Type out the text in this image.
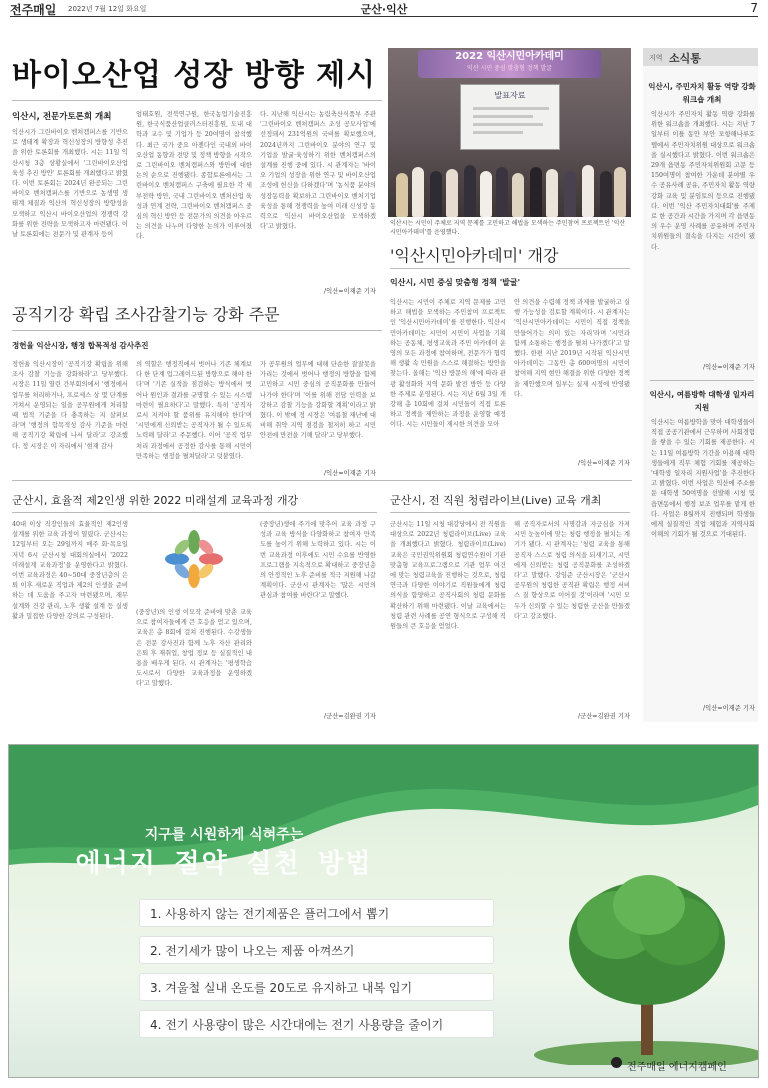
전주매일 2022년 7월 12일 화요일	군산·익산	7
바이오산업 성장 방향 제시
익산시, 전문가토론회 개최
익산시가 그린바이오 벤처캠퍼스를 기반으로 생태계 확장과 혁신성장의 방향성 추진을 위한 토론회를 개최했다. 시는 11일 익산시청 3층 상황실에서 '그린바이오산업 육성 추진 방안' 토론회를 개최했다고 밝혔다. 이번 토론회는 2024년 완공되는 그린바이오 벤처캠퍼스를 기반으로 농생명 생태계 체질과 익산의 혁신성장의 방향성을 모색하고 익산시 바이오산업의 경쟁력 강화를 위한 전략을 모색하고자 마련됐다. 이날 토론회에는 전문가 및 관계자 등이
엄태호원, 전북연구원, 한국농업기술진흥원, 한국식품산업클러스터진흥원, 도내 대학과 교수 및 기업가 등 20여명이 참석했다. 최근 국가 중요 아젠다인 국내외 바이오산업 동향과 전망 및 정책 방향을 시작으로 그린바이오 벤처캠퍼스와 방안에 대한 논의 순으로 진행됐다. 종합토론에서는 그린바이오 벤처캠퍼스 구축에 필요한 각 세부전략 방안, 국내 그린바이오 벤처산업 육성과 연계 전략, 그린바이오 벤처캠퍼스 중심의 혁신 방안 등 전문가의 의견을 아우르는 의견을 나누며 다양한 논의가 이루어졌다.
다. 지난해 익산시는 농림축산식품부 주관 '그린바이오 벤처캠퍼스 조성 공모사업'에 선정돼서 231억원의 국비를 확보했으며, 2024년까지 그린바이오 분야의 연구 및 기업을 발굴·육성하기 위한 벤처캠퍼스의 설계를 진행 중에 있다. 시 관계자는 '바이오 기업의 성장을 위한 연구 및 바이오산업 조성에 헌신을 다하겠다'며 '농식품 분야의 성장동력을 확보하고 그린바이오 벤처기업 육성을 통해 경쟁력을 높여 미래 신성장 동력으로 익산시 바이오산업을 모색하겠다'고 밝혔다.
/익산=이재준 기자
공직기강 확립 조사감찰기능 강화 주문
정헌율 익산시장, 행정 합목적성 감사추진
정헌율 익산시장이 '공직기강 확립을 위해 조사 감찰 기능을 강화하라'고 당부했다. 시장은 11일 열린 간부회의에서 '행정에서 업무를 처리하거나, 프로세스 상 몇 단계를 거쳐서 운영되는 일을 공무원에게 처리할 때 법적 기준을 다 충족하는 지 살펴보라'며 '행정의 합목적성 감사 기준을 마련해 공직기강 확립에 나서 달라'고 강조했다. 정 시장은 이 자리에서 '현재 감사
의 역할은 행정직에서 벗어나 기존 체계보다 한 단계 업그레이드된 방향으로 해야 한다'며 '기존 실적을 점검하는 방식에서 벗어나 원인과 결과를 규명할 수 있는 시스템 마련이 필요하다'고 말했다. 특히 '공직자로서 지켜야 할 품위를 유지해야 한다'며 '시민에게 신뢰받는 공직자가 될 수 있도록 노력해 달라'고 주문했다. 이어 '공직 업무 처리 과정에서 공정한 감사를 통해 시민이 만족하는 행정을 펼쳐달라'고 덧붙였다.
가 공무원의 업무에 대해 단순한 잘잘못을 가리는 것에서 벗어나 행정의 방향을 함께 고민하고 시민 중심의 공직문화를 만들어 나가야 한다'며 '이를 위해 전담 인력을 보강하고 감찰 기능을 강화할 계획'이라고 밝혔다. 이 밖에 정 시장은 '여름철 재난에 대비해 취약 지역 점검을 철저히 하고 시민 안전에 만전을 기해 달라'고 당부했다.
/익산=이재준 기자
2022 익산시민아카데미
익산 시민 중심 맞춤형 정책 발굴
발표자료
익산시는 시민이 주체로 지역 문제를 고민하고 해법을 모색하는 주민참여 프로젝트인 '익산시민아카데미'를 운영했다.
'익산시민아카데미' 개강
익산시, 시민 중심 맞춤형 정책 '발굴'
익산시는 시민이 주체로 지역 문제를 고민하고 해법을 모색하는 주민참여 프로젝트인 '익산시민아카데미'를 진행한다. 익산시민아카데미는 시민이 시민이 사업을 기획하는 공동체, 평생교육과 주민 아카데미 운영의 모든 과정에 참여하며, 전문가가 협력해 생활 속 민원을 스스로 해결하는 방안을 찾는다. 올해는 '익산 방문의 해'에 따라 관광 활성화와 지역 문화 발전 방안 등 다양한 주제로 운영된다. 시는 지난 6월 3일 개강해 총 10회에 걸쳐 시민들이 직접 토론하고 정책을 제안하는 과정을 운영할 예정이다. 시는 시민들이 제시한 의견을 모아
안 의견을 수렴해 정책 과제를 발굴하고 실행 가능성을 검토할 계획이다. 시 관계자는 '익산시민아카데미는 시민이 직접 정책을 만들어가는 의미 있는 자리'라며 '시민과 함께 소통하는 행정을 펼쳐 나가겠다'고 말했다. 한편 지난 2019년 시작된 익산시민아카데미는 그동안 총 600여명의 시민이 참여해 지역 현안 해결을 위한 다양한 정책을 제안했으며 일부는 실제 시정에 반영됐다.
/익산=이재준 기자
군산시, 효율적 제2인생 위한 2022 미래설계 교육과정 개강
40대 이상 직장인들의 효율적인 제2인생 설계를 위한 교육 과정이 열렸다. 군산시는 12일부터 오는 29일까지 매주 화·목요일 저녁 6시 군산시청 대회의실에서 '2022 미래설계 교육과정'을 운영한다고 밝혔다. 이번 교육과정은 40~50대 중장년층의 은퇴 이후 새로운 직업과 제2의 인생을 준비하는 데 도움을 주고자 마련됐으며, 재무 설계와 건강 관리, 노후 생활 설계 등 실생활과 밀접한 다양한 강의로 구성된다.
(중장년)의 인생 이모작 준비에 맞춘 교육으로 참여자들에게 큰 호응을 얻고 있으며, 교육은 총 8회에 걸쳐 진행된다. 수강생들은 전문 강사진과 함께 노후 자산 관리와 은퇴 후 재취업, 창업 정보 등 실질적인 내용을 배우게 된다. 시 관계자는 '평생학습도시로서 다양한 교육과정을 운영하겠다'고 말했다.
(중장년)생애 주기에 맞추어 교육 과정 구성과 교육 방식을 다양화하고 참여자 만족도를 높이기 위해 노력하고 있다. 시는 이번 교육과정 이후에도 시민 수요를 반영한 프로그램을 지속적으로 확대하고 중장년층의 안정적인 노후 준비를 적극 지원해 나갈 계획이다. 군산시 관계자는 '많은 시민의 관심과 참여를 바란다'고 말했다.
/군산=김완권 기자
군산시, 전 직원 청렴라이브(Live) 교육 개최
군산시는 11일 시청 대강당에서 전 직원을 대상으로 2022년 청렴라이브(Live) 교육을 개최했다고 밝혔다. 청렴라이브(Live) 교육은 국민권익위원회 청렴연수원이 기관 맞춤형 교육프로그램으로 기관 업무 여건에 맞는 청렴교육을 진행하는 것으로, 청렴 연극과 다양한 이야기로 직원들에게 청렴의식을 함양하고 공직사회의 청렴 문화를 확산하기 위해 마련됐다. 이날 교육에서는 청렴 관련 사례를 공연 형식으로 구성해 직원들의 큰 호응을 얻었다.
해 공직자로서의 사명감과 자긍심을 가져 시민 눈높이에 맞는 청렴 행정을 펼치는 계기가 됐다. 시 관계자는 '청렴 교육을 통해 공직자 스스로 청렴 의식을 되새기고, 시민에게 신뢰받는 청렴 공직문화를 조성하겠다'고 말했다. 강임준 군산시장은 '군산시 공무원의 청렴한 공직관 확립은 행정 서비스 질 향상으로 이어질 것'이라며 '시민 모두가 신뢰할 수 있는 청렴한 군산을 만들겠다'고 강조했다.
/군산=김완권 기자
지역 소식통
익산시, 주민자치 활동 역량 강화 워크숍 개최
익산시가 주민자치 활동 역량 강화를 위한 워크숍을 개최했다. 시는 지난 7일부터 이틀 동안 부안 모항해나루호텔에서 주민자치위원 대상으로 워크숍을 실시했다고 밝혔다. 이번 워크숍은 29개 읍면동 주민자치위원회 고문 등 150여명이 참여한 가운데 분야별 우수 공유사례 공유, 주민자치 활동 역량 강화 교육 및 분임토의 등으로 진행됐다. 이번 '익산 주민자치대회'를 주제로 한 공간과 시간을 가지며 각 읍면동의 우수 운영 사례를 공유하며 주민자치위원들의 결속을 다지는 시간이 됐다.
/익산=이재준 기자
익산시, 여름방학 대학생 일자리 지원
익산시는 여름방학을 맞아 대학생들이 직접 공공기관에서 근무하며 사회경험을 쌓을 수 있는 기회를 제공한다. 시는 11일 여름방학 기간을 이용해 대학생들에게 직무 체험 기회를 제공하는 '대학생 일자리 지원사업'을 추진한다고 밝혔다. 이번 사업은 익산에 주소를 둔 대학생 50여명을 선발해 시청 및 읍면동에서 행정 보조 업무를 맡게 한다. 사업은 8월까지 진행되며 학생들에게 실질적인 직업 체험과 지역사회 이해의 기회가 될 것으로 기대된다.
/익산=이재준 기자
지구를 시원하게 식혀주는
에너지 절약 실천 방법
1. 사용하지 않는 전기제품은 플러그에서 뽑기
2. 전기세가 많이 나오는 제품 아껴쓰기
3. 겨울철 실내 온도를 20도로 유지하고 내복 입기
4. 전기 사용량이 많은 시간대에는 전기 사용량을 줄이기
전주매일 에너지캠페인
